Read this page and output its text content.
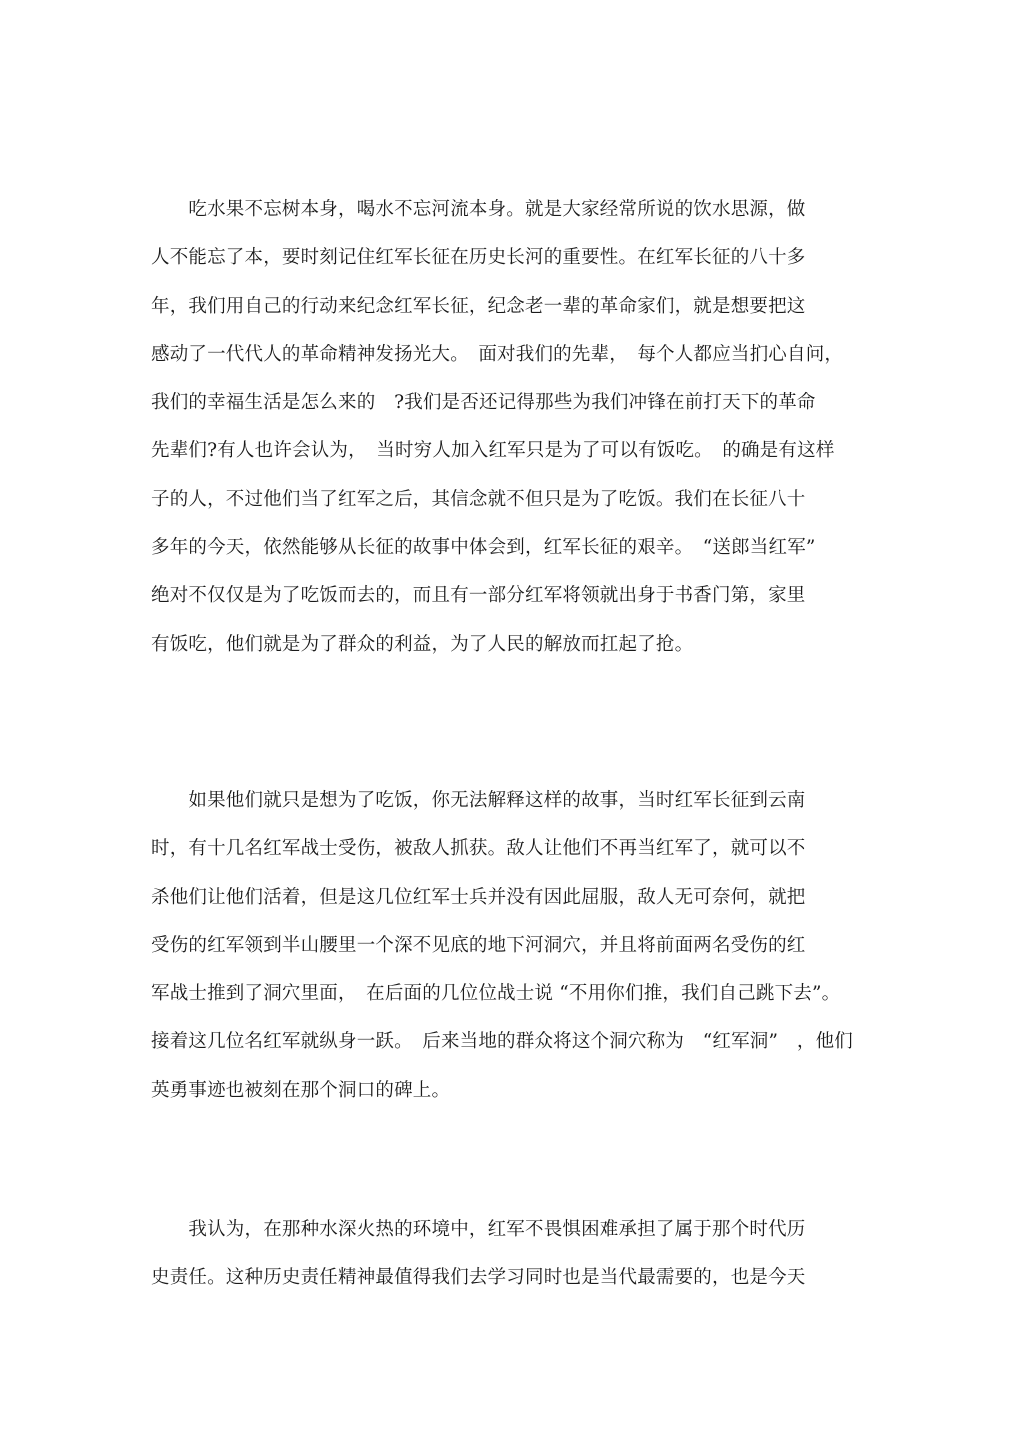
　　吃水果不忘树本身，喝水不忘河流本身。就是大家经常所说的饮水思源，做
人不能忘了本，要时刻记住红军长征在历史长河的重要性。在红军长征的八十多
年，我们用自己的行动来纪念红军长征，纪念老一辈的革命家们，就是想要把这
感动了一代代人的革命精神发扬光大。　面对我们的先辈，　每个人都应当扪心自问，
我们的幸福生活是怎么来的　?我们是否还记得那些为我们冲锋在前打天下的革命
先辈们?有人也许会认为，　当时穷人加入红军只是为了可以有饭吃。　的确是有这样
子的人，不过他们当了红军之后，其信念就不但只是为了吃饭。我们在长征八十
多年的今天，依然能够从长征的故事中体会到，红军长征的艰辛。　“送郎当红军”
绝对不仅仅是为了吃饭而去的，而且有一部分红军将领就出身于书香门第，家里
有饭吃，他们就是为了群众的利益，为了人民的解放而扛起了抢。
　　如果他们就只是想为了吃饭，你无法解释这样的故事，当时红军长征到云南
时，有十几名红军战士受伤，被敌人抓获。敌人让他们不再当红军了，就可以不
杀他们让他们活着，但是这几位红军士兵并没有因此屈服，敌人无可奈何，就把
受伤的红军领到半山腰里一个深不见底的地下河洞穴，并且将前面两名受伤的红
军战士推到了洞穴里面，　在后面的几位位战士说 “不用你们推，我们自己跳下去”。
接着这几位名红军就纵身一跃。　后来当地的群众将这个洞穴称为　“红军洞”　，他们
英勇事迹也被刻在那个洞口的碑上。
　　我认为，在那种水深火热的环境中，红军不畏惧困难承担了属于那个时代历
史责任。这种历史责任精神最值得我们去学习同时也是当代最需要的，也是今天
